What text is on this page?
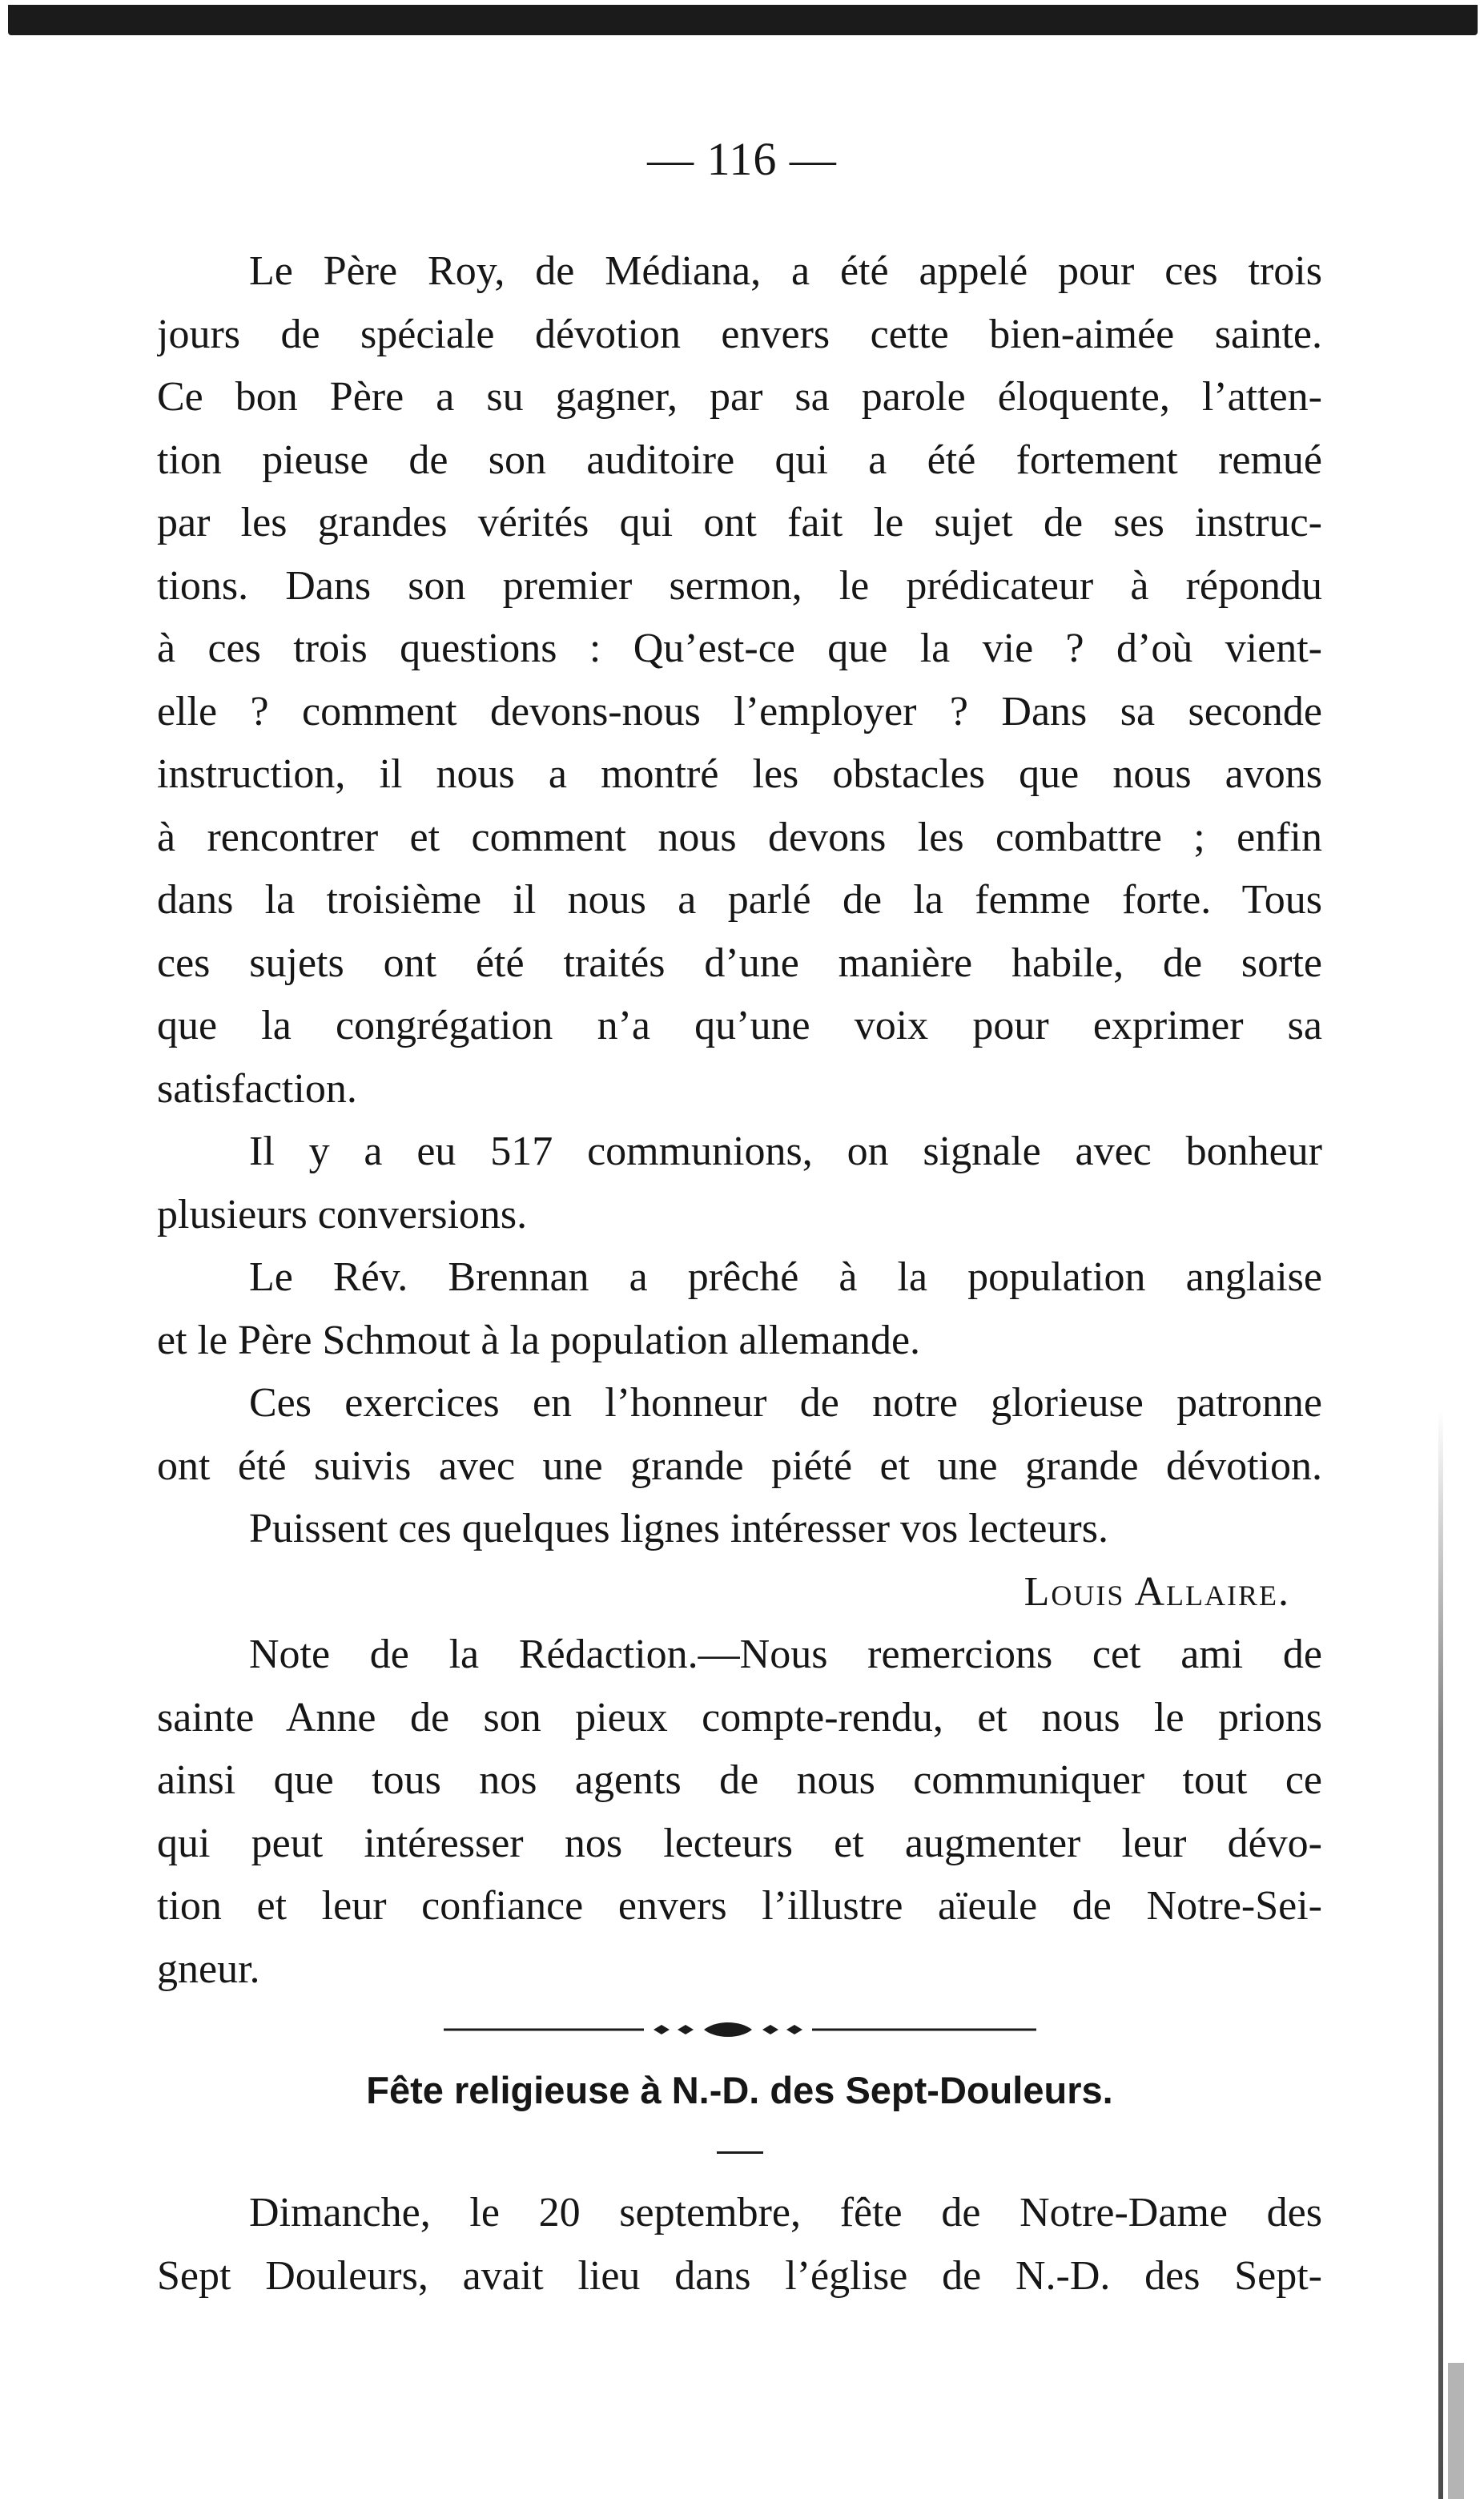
— 116 —
Le Père Roy, de Médiana, a été appelé pour ces trois
jours de spéciale dévotion envers cette bien-aimée sainte.
Ce bon Père a su gagner, par sa parole éloquente, l’atten-
tion pieuse de son auditoire qui a été fortement remué
par les grandes vérités qui ont fait le sujet de ses instruc-
tions. Dans son premier sermon, le prédicateur à répondu
à ces trois questions : Qu’est-ce que la vie ? d’où vient-
elle ? comment devons-nous l’employer ? Dans sa seconde
instruction, il nous a montré les obstacles que nous avons
à rencontrer et comment nous devons les combattre ; enfin
dans la troisième il nous a parlé de la femme forte. Tous
ces sujets ont été traités d’une manière habile, de sorte
que la congrégation n’a qu’une voix pour exprimer sa
satisfaction.
Il y a eu 517 communions, on signale avec bonheur
plusieurs conversions.
Le Rév. Brennan a prêché à la population anglaise
et le Père Schmout à la population allemande.
Ces exercices en l’honneur de notre glorieuse patronne
ont été suivis avec une grande piété et une grande dévotion.
Puissent ces quelques lignes intéresser vos lecteurs.
Louis Allaire.
Note de la Rédaction.—Nous remercions cet ami de
sainte Anne de son pieux compte-rendu, et nous le prions
ainsi que tous nos agents de nous communiquer tout ce
qui peut intéresser nos lecteurs et augmenter leur dévo-
tion et leur confiance envers l’illustre aïeule de Notre-Sei-
gneur.
Fête religieuse à N.-D. des Sept-Douleurs.
Dimanche, le 20 septembre, fête de Notre-Dame des
Sept Douleurs, avait lieu dans l’église de N.-D. des Sept-
